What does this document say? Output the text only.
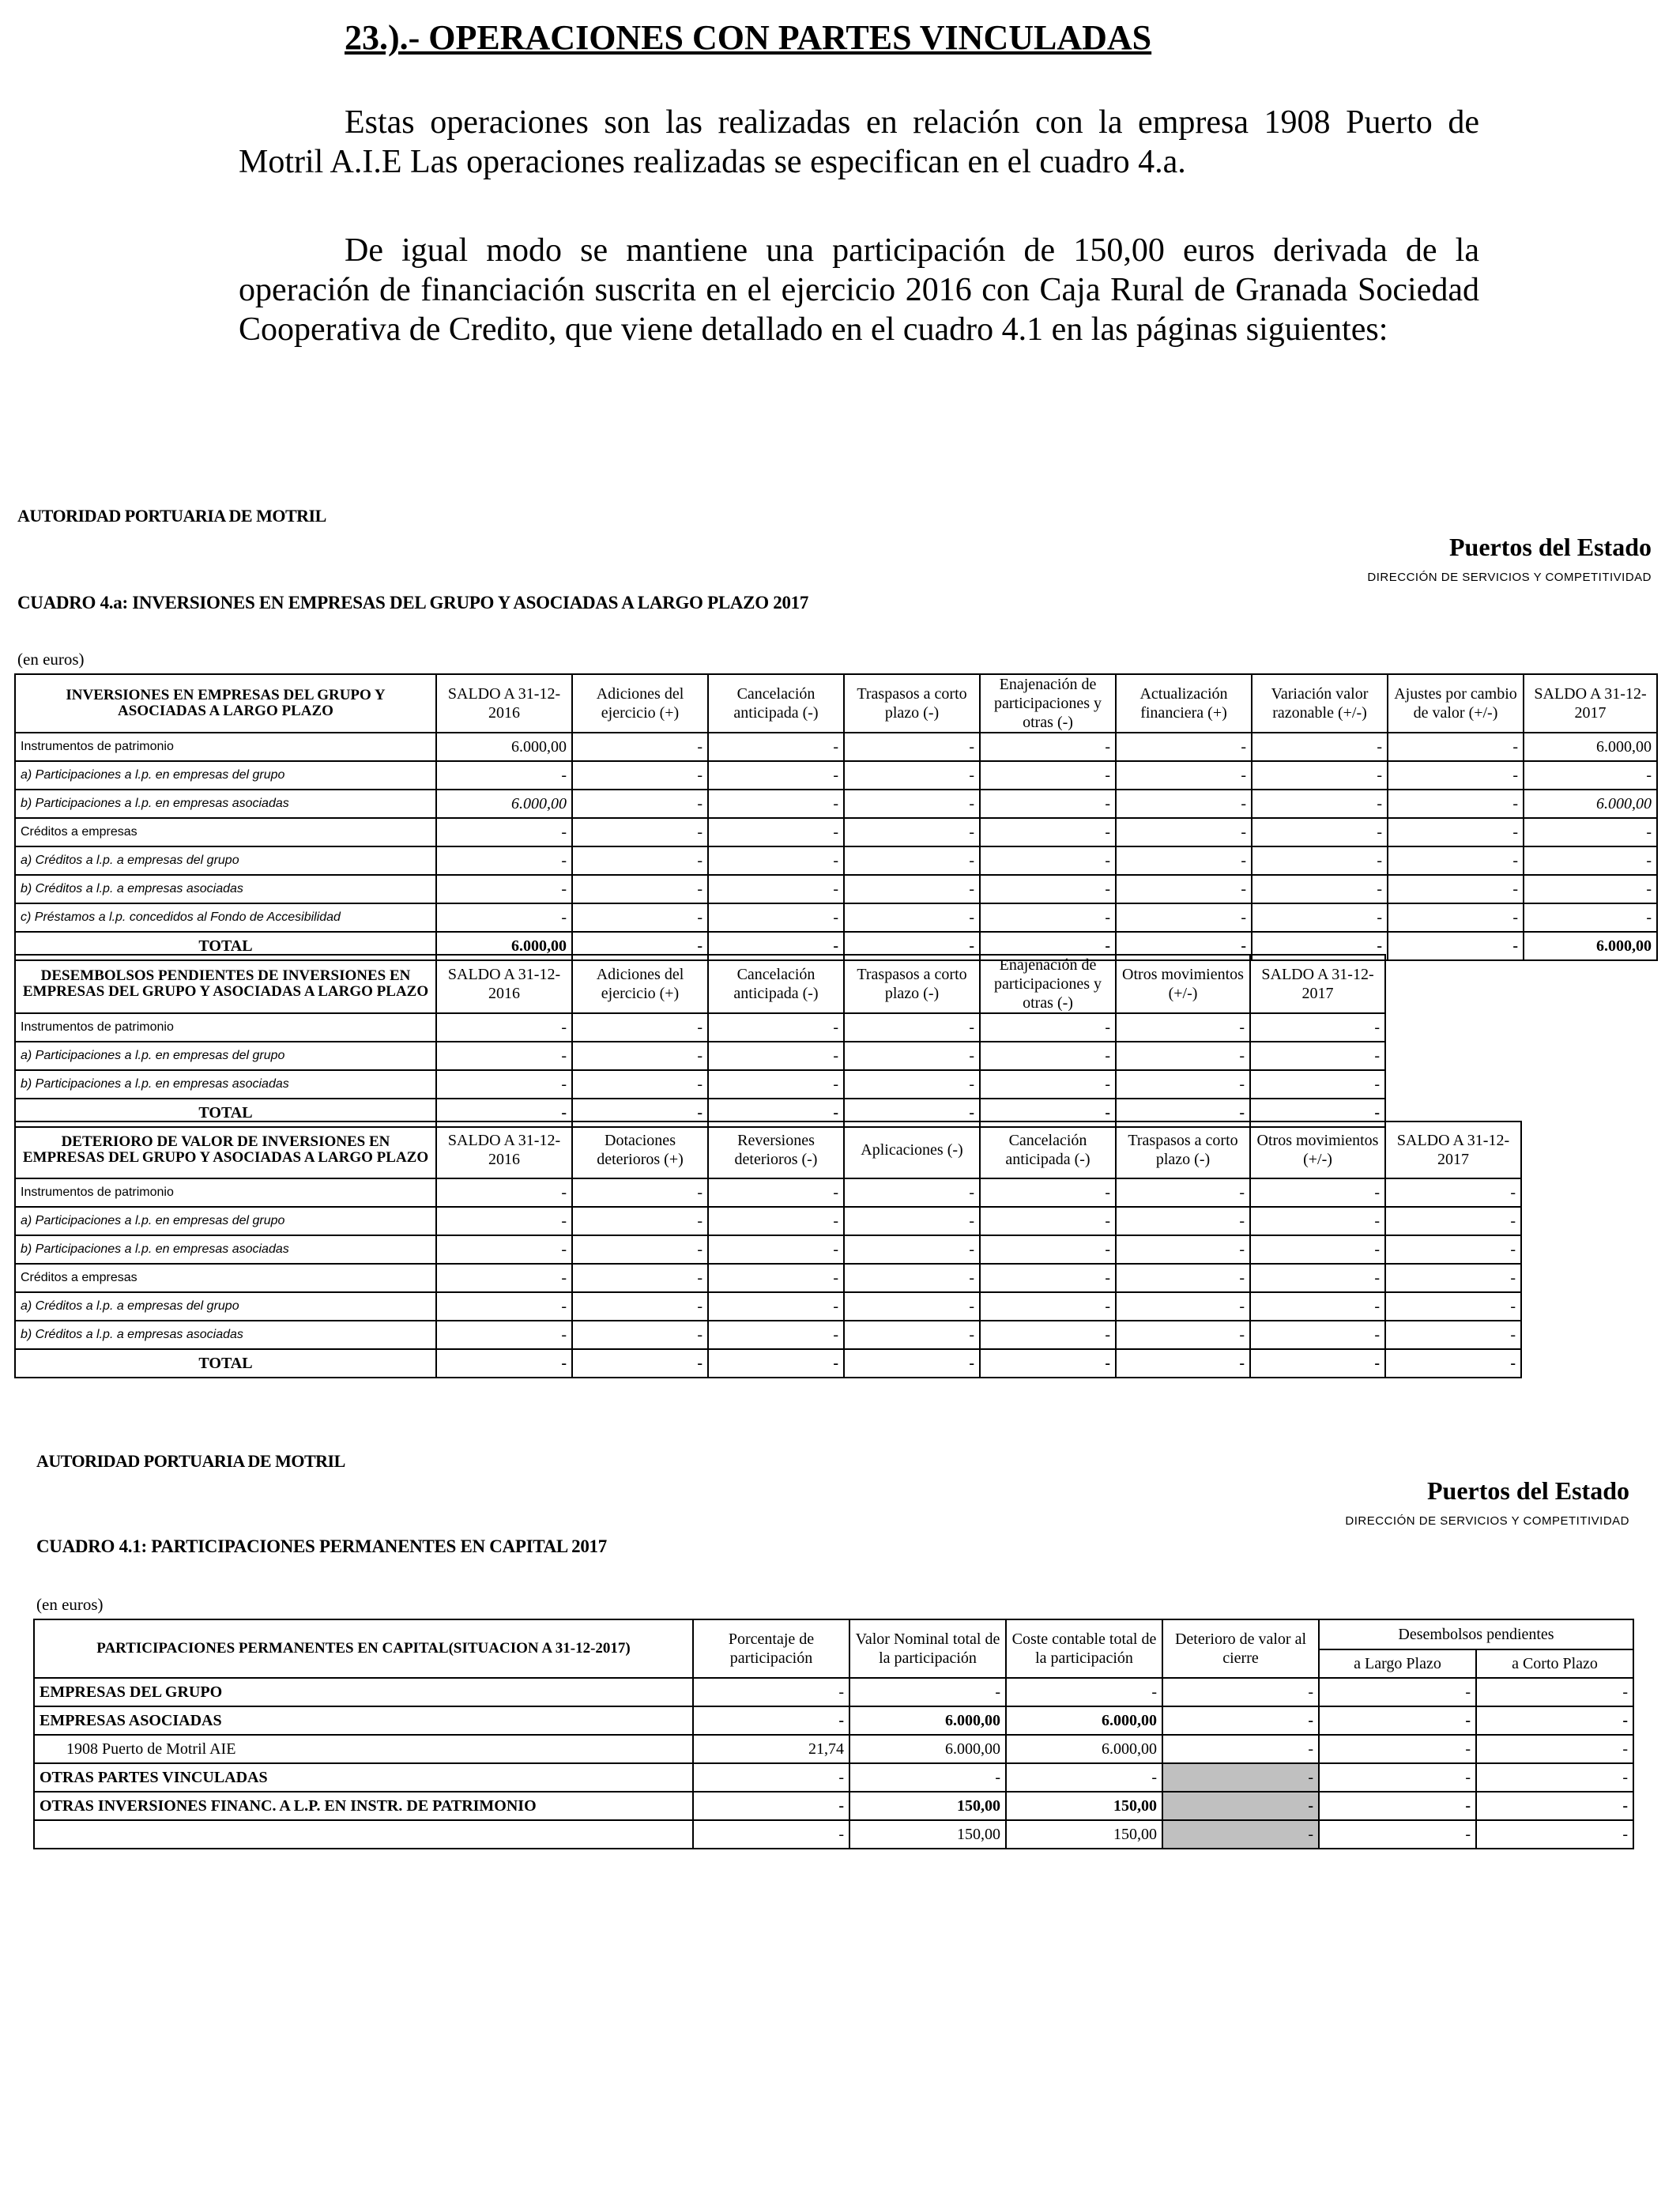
23.).- OPERACIONES CON PARTES VINCULADAS
Estas operaciones son las realizadas en relación con la empresa 1908 Puerto de Motril A.I.E Las operaciones realizadas se especifican en el cuadro 4.a.
De igual modo se mantiene una participación de 150,00 euros derivada de la operación de financiación suscrita en el ejercicio 2016 con Caja Rural de Granada Sociedad Cooperativa de Credito, que viene detallado en el cuadro 4.1 en las páginas siguientes:
AUTORIDAD PORTUARIA DE MOTRIL
Puertos del Estado
DIRECCIÓN DE SERVICIOS Y COMPETITIVIDAD
CUADRO 4.a: INVERSIONES EN EMPRESAS DEL GRUPO Y ASOCIADAS A LARGO PLAZO 2017
(en euros)
INVERSIONES EN EMPRESAS DEL GRUPO Y ASOCIADAS A LARGO PLAZO	SALDO A 31-12-2016	Adiciones del ejercicio (+)	Cancelación anticipada (-)	Traspasos a corto plazo (-)	Enajenación de participaciones y otras (-)	Actualización financiera (+)	Variación valor razonable (+/-)	Ajustes por cambio de valor (+/-)	SALDO A 31-12-2017
Instrumentos de patrimonio	6.000,00	-	-	-	-	-	-	-	6.000,00
a) Participaciones a l.p. en empresas del grupo	-	-	-	-	-	-	-	-	-
b) Participaciones a l.p. en empresas asociadas	6.000,00	-	-	-	-	-	-	-	6.000,00
Créditos a empresas	-	-	-	-	-	-	-	-	-
a) Créditos a l.p. a empresas del grupo	-	-	-	-	-	-	-	-	-
b) Créditos a l.p. a empresas asociadas	-	-	-	-	-	-	-	-	-
c) Préstamos a l.p. concedidos al Fondo de Accesibilidad	-	-	-	-	-	-	-	-	-
TOTAL	6.000,00	-	-	-	-	-	-	-	6.000,00
DESEMBOLSOS PENDIENTES DE INVERSIONES EN EMPRESAS DEL GRUPO Y ASOCIADAS A LARGO PLAZO	SALDO A 31-12-2016	Adiciones del ejercicio (+)	Cancelación anticipada (-)	Traspasos a corto plazo (-)	Enajenación de participaciones y otras (-)	Otros movimientos (+/-)	SALDO A 31-12-2017
Instrumentos de patrimonio	-	-	-	-	-	-	-
a) Participaciones a l.p. en empresas del grupo	-	-	-	-	-	-	-
b) Participaciones a l.p. en empresas asociadas	-	-	-	-	-	-	-
TOTAL	-	-	-	-	-	-	-
DETERIORO DE VALOR DE INVERSIONES EN EMPRESAS DEL GRUPO Y ASOCIADAS A LARGO PLAZO	SALDO A 31-12-2016	Dotaciones deterioros (+)	Reversiones deterioros (-)	Aplicaciones (-)	Cancelación anticipada (-)	Traspasos a corto plazo (-)	Otros movimientos (+/-)	SALDO A 31-12-2017
Instrumentos de patrimonio	-	-	-	-	-	-	-	-
a) Participaciones a l.p. en empresas del grupo	-	-	-	-	-	-	-	-
b) Participaciones a l.p. en empresas asociadas	-	-	-	-	-	-	-	-
Créditos a empresas	-	-	-	-	-	-	-	-
a) Créditos a l.p. a empresas del grupo	-	-	-	-	-	-	-	-
b) Créditos a l.p. a empresas asociadas	-	-	-	-	-	-	-	-
TOTAL	-	-	-	-	-	-	-	-
AUTORIDAD PORTUARIA DE MOTRIL
Puertos del Estado
DIRECCIÓN DE SERVICIOS Y COMPETITIVIDAD
CUADRO 4.1: PARTICIPACIONES PERMANENTES EN CAPITAL 2017
(en euros)
PARTICIPACIONES PERMANENTES EN CAPITAL(SITUACION A 31-12-2017)	Porcentaje de participación	Valor Nominal total de la participación	Coste contable total de la participación	Deterioro de valor al cierre	Desembolsos pendientes	
					a Largo Plazo	a Corto Plazo
EMPRESAS DEL GRUPO	-	-	-	-	-	-
EMPRESAS ASOCIADAS	-	6.000,00	6.000,00	-	-	-
1908 Puerto de Motril AIE	21,74	6.000,00	6.000,00	-	-	-
OTRAS PARTES VINCULADAS	-	-	-	-	-	-
OTRAS INVERSIONES FINANC. A L.P. EN INSTR. DE PATRIMONIO	-	150,00	150,00	-	-	-
	-	150,00	150,00	-	-	-
